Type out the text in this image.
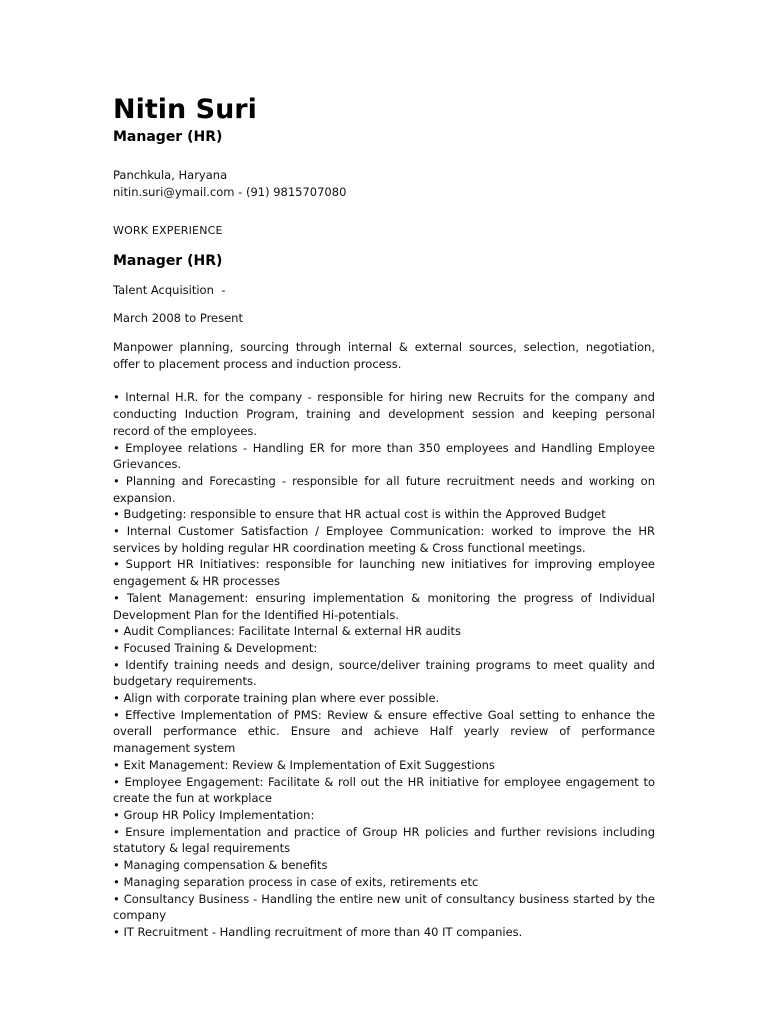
Nitin Suri
Manager (HR)
Panchkula, Haryana
nitin.suri@ymail.com - (91) 9815707080
WORK EXPERIENCE
Manager (HR)
Talent Acquisition  -
March 2008 to Present
Manpower planning, sourcing through internal & external sources, selection, negotiation, offer to placement process and induction process.
• Internal H.R. for the company - responsible for hiring new Recruits for the company and conducting Induction Program, training and development session and keeping personal record of the employees.
• Employee relations - Handling ER for more than 350 employees and Handling Employee Grievances.
• Planning and Forecasting - responsible for all future recruitment needs and working on expansion.
• Budgeting: responsible to ensure that HR actual cost is within the Approved Budget
• Internal Customer Satisfaction / Employee Communication: worked to improve the HR services by holding regular HR coordination meeting & Cross functional meetings.
• Support HR Initiatives: responsible for launching new initiatives for improving employee engagement & HR processes
• Talent Management: ensuring implementation & monitoring the progress of Individual Development Plan for the Identified Hi-potentials.
• Audit Compliances: Facilitate Internal & external HR audits
• Focused Training & Development:
• Identify training needs and design, source/deliver training programs to meet quality and budgetary requirements.
• Align with corporate training plan where ever possible.
• Effective Implementation of PMS: Review & ensure effective Goal setting to enhance the overall performance ethic. Ensure and achieve Half yearly review of performance management system
• Exit Management: Review & Implementation of Exit Suggestions
• Employee Engagement: Facilitate & roll out the HR initiative for employee engagement to create the fun at workplace
• Group HR Policy Implementation:
• Ensure implementation and practice of Group HR policies and further revisions including statutory & legal requirements
• Managing compensation & benefits
• Managing separation process in case of exits, retirements etc
• Consultancy Business - Handling the entire new unit of consultancy business started by the company
• IT Recruitment - Handling recruitment of more than 40 IT companies.
